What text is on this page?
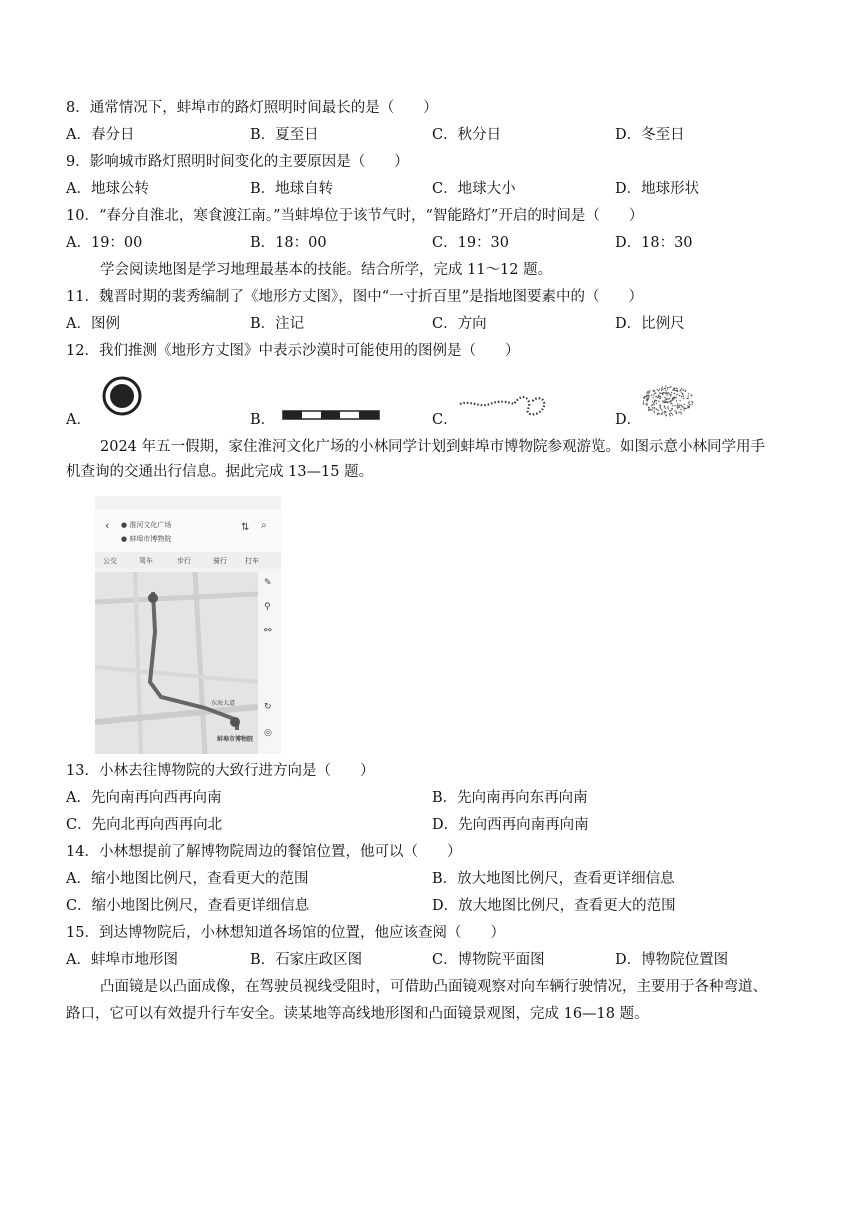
8．通常情况下，蚌埠市的路灯照明时间最长的是（　　）
A．春分日	B．夏至日	C．秋分日	D．冬至日
9．影响城市路灯照明时间变化的主要原因是（　　）
A．地球公转	B．地球自转	C．地球大小	D．地球形状
10．“春分自淮北，寒食渡江南。”当蚌埠位于该节气时，“智能路灯”开启的时间是（　　）
A．19：00	B．18：00	C．19：30	D．18：30
学会阅读地图是学习地理最基本的技能。结合所学，完成 11～12 题。
11．魏晋时期的裴秀编制了《地形方丈图》，图中“一寸折百里”是指地图要素中的（　　）
A．图例	B．注记	C．方向	D．比例尺
12．我们推测《地形方丈图》中表示沙漠时可能使用的图例是（　　）
A．	B．	C．	D．
2024 年五一假期，家住淮河文化广场的小林同学计划到蚌埠市博物院参观游览。如图示意小林同学用手
机查询的交通出行信息。据此完成 13—15 题。
‹ ● 淮河文化广场
● 蚌埠市博物院
⇅ ⌕
公交	驾车	步行	骑行	打车
东海大道
蚌埠市博物院
✎
⚲
⚯
↻
◎
13．小林去往博物院的大致行进方向是（　　）
A．先向南再向西再向南	B．先向南再向东再向南
C．先向北再向西再向北	D．先向西再向南再向南
14．小林想提前了解博物院周边的餐馆位置，他可以（　　）
A．缩小地图比例尺，查看更大的范围	B．放大地图比例尺，查看更详细信息
C．缩小地图比例尺，查看更详细信息	D．放大地图比例尺，查看更大的范围
15．到达博物院后，小林想知道各场馆的位置，他应该查阅（　　）
A．蚌埠市地形图	B．石家庄政区图	C．博物院平面图	D．博物院位置图
凸面镜是以凸面成像，在驾驶员视线受阻时，可借助凸面镜观察对向车辆行驶情况，主要用于各种弯道、
路口，它可以有效提升行车安全。读某地等高线地形图和凸面镜景观图，完成 16—18 题。
